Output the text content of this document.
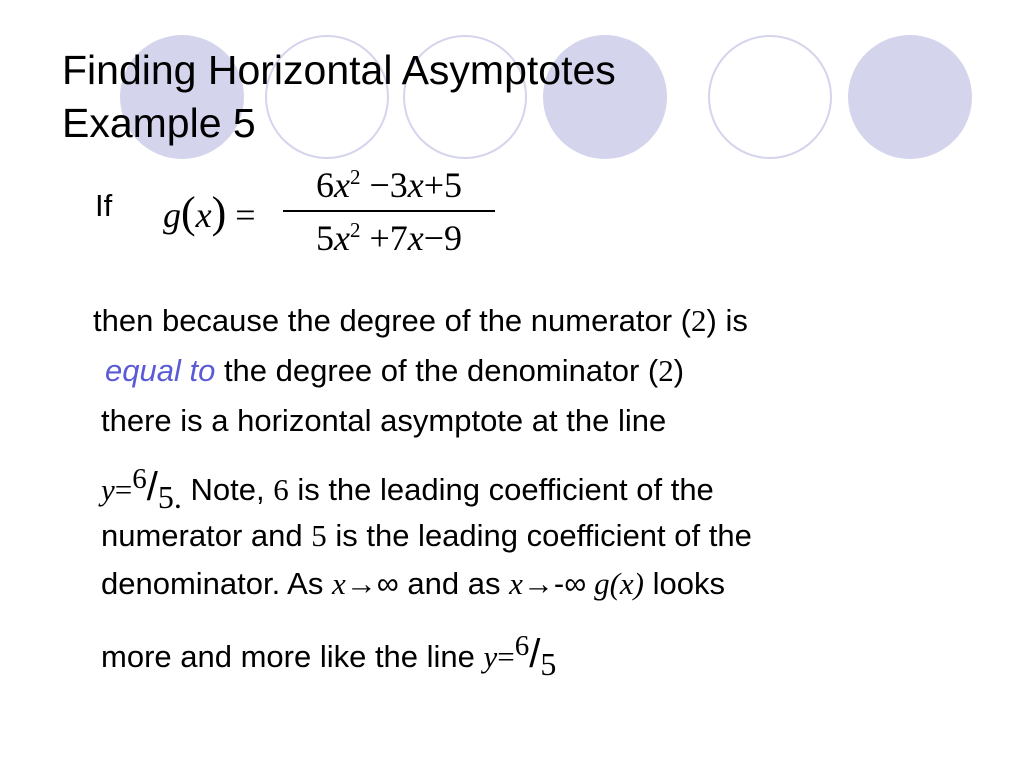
Finding Horizontal Asymptotes
Example 5
If g(x) =
$6x^2 -3x+5$
$5x^2 +7x-9$
then because the degree of the numerator (2) is
equal to the degree of the denominator (2)
there is a horizontal asymptote at the line
y=6/5. Note, 6 is the leading coefficient of the
numerator and 5 is the leading coefficient of the
denominator. As x→∞ and as x→-∞ g(x) looks
more and more like the line y=6/5
